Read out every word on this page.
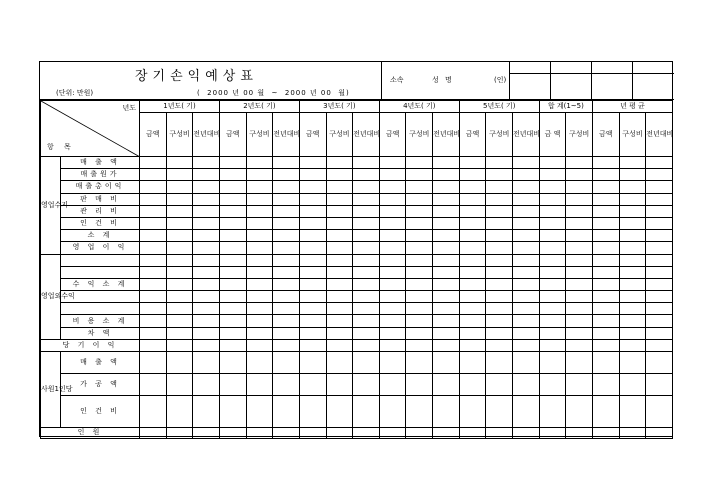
장기손익예상표
(단위: 만원)	(  2000 년 00 월  ~  2000 년 00  월)
소속	성 명	(인)
년도
항 목		1년도( 기)			2년도( 기)			3년도( 기)			4년도( 기)			5년도( 기)			합 계(1~5)		년 평 균		
		금액	구성비	전년대비	금액	구성비	전년대비	금액	구성비	전년대비	금액	구성비	전년대비	금액	구성비	전년대비	금 액	구성비	금액	구성비	전년대비
영업수지	매 출 액																				
	매출원가																				
	매출총이익																				
	판 매 비																				
	관 리 비																				
	인 건 비																				
	소 계																				
	영 업 이 익																				
영업외수익																					

	수 익 소 계																				

	비 용 소 계																				
	차 액																				
당 기 이 익																					
사원1인당	매 출 액																				
	가 공 액																				
	인 건 비																				
인 원																					
